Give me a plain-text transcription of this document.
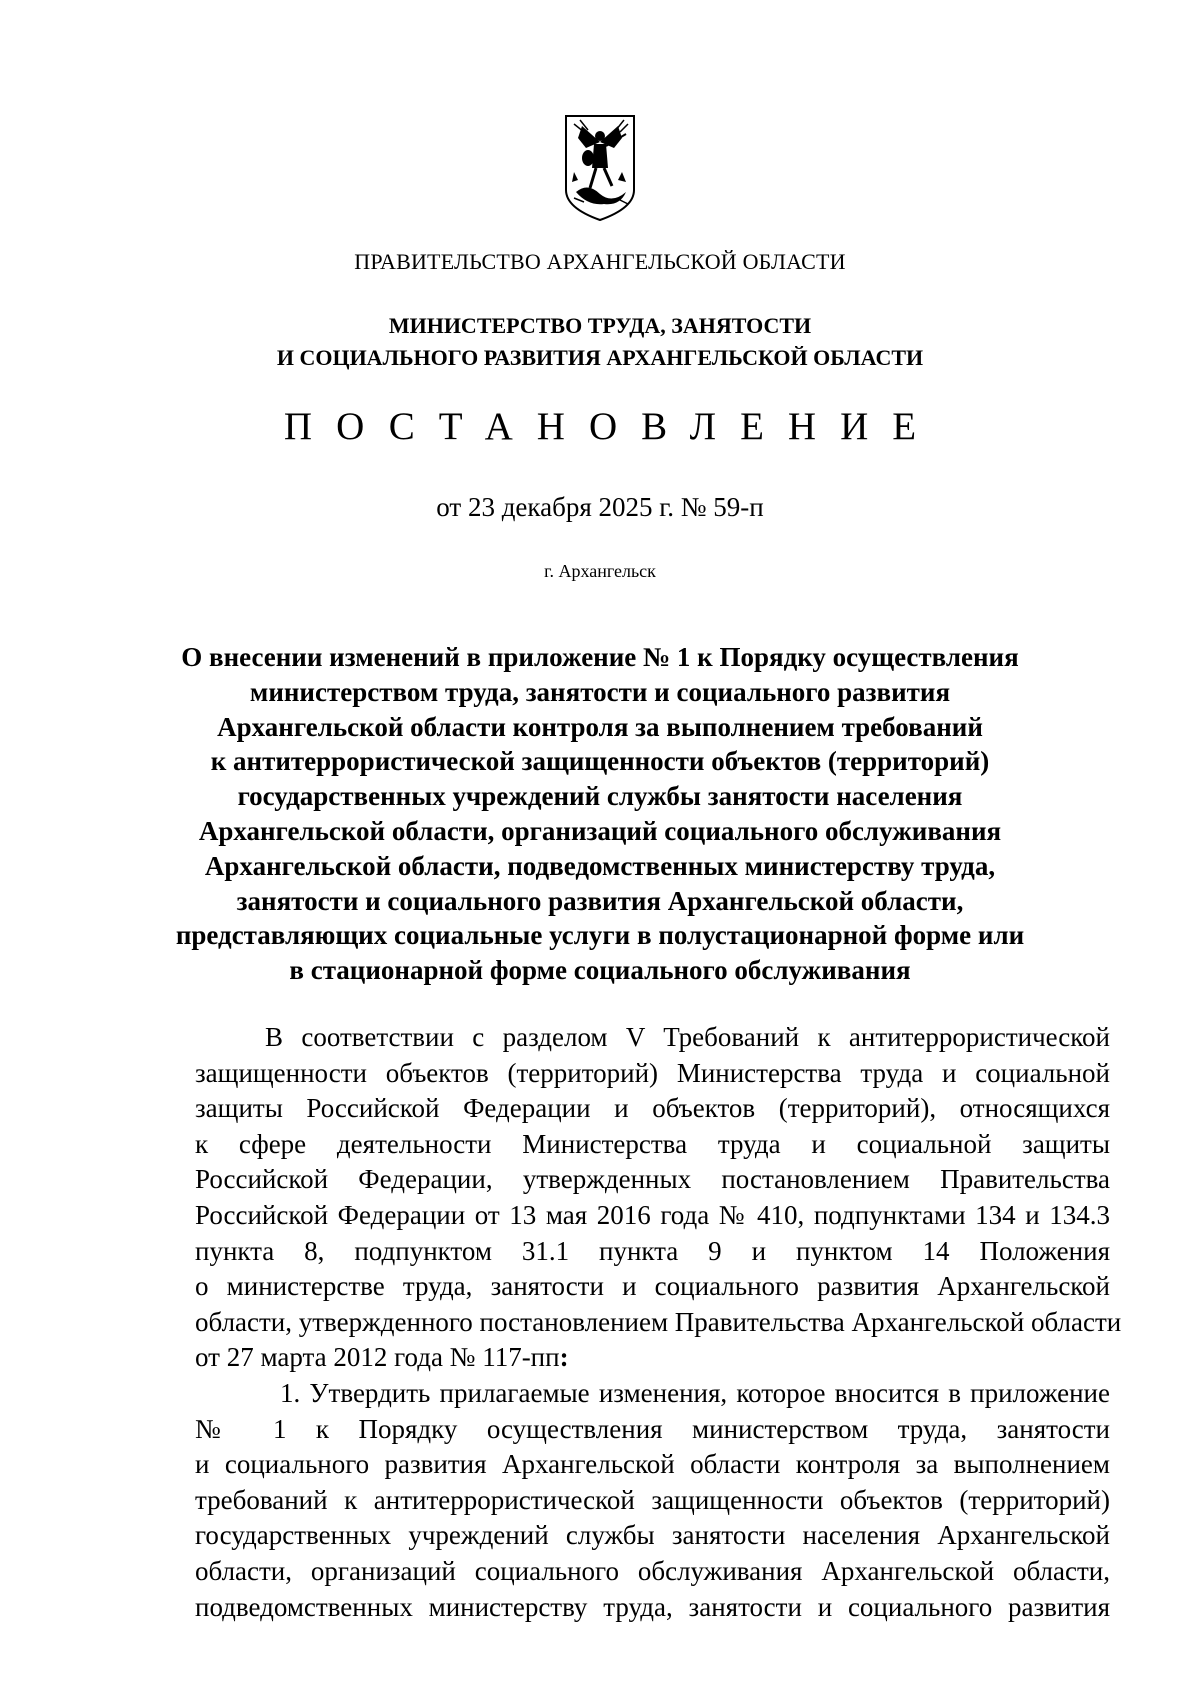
ПРАВИТЕЛЬСТВО АРХАНГЕЛЬСКОЙ ОБЛАСТИ
МИНИСТЕРСТВО ТРУДА, ЗАНЯТОСТИ
И СОЦИАЛЬНОГО РАЗВИТИЯ АРХАНГЕЛЬСКОЙ ОБЛАСТИ
ПОСТАНОВЛЕНИЕ
от 23 декабря 2025 г. № 59-п
г. Архангельск
О внесении изменений в приложение № 1 к Порядку осуществления
министерством труда, занятости и социального развития
Архангельской области контроля за выполнением требований
к антитеррористической защищенности объектов (территорий)
государственных учреждений службы занятости населения
Архангельской области, организаций социального обслуживания
Архангельской области, подведомственных министерству труда,
занятости и социального развития Архангельской области,
представляющих социальные услуги в полустационарной форме или
в стационарной форме социального обслуживания
В соответствии с разделом V Требований к антитеррористической
защищенности объектов (территорий) Министерства труда и социальной
защиты Российской Федерации и объектов (территорий), относящихся
к сфере деятельности Министерства труда и социальной защиты
Российской Федерации, утвержденных постановлением Правительства
Российской Федерации от 13 мая 2016 года № 410, подпунктами 134 и 134.3
пункта 8, подпунктом 31.1 пункта 9 и пунктом 14 Положения
о министерстве труда, занятости и социального развития Архангельской
области, утвержденного постановлением Правительства Архангельской области
от 27 марта 2012 года № 117-пп:
1. Утвердить прилагаемые изменения, которое вносится в приложение
№ 1 к Порядку осуществления министерством труда, занятости
и социального развития Архангельской области контроля за выполнением
требований к антитеррористической защищенности объектов (территорий)
государственных учреждений службы занятости населения Архангельской
области, организаций социального обслуживания Архангельской области,
подведомственных министерству труда, занятости и социального развития
